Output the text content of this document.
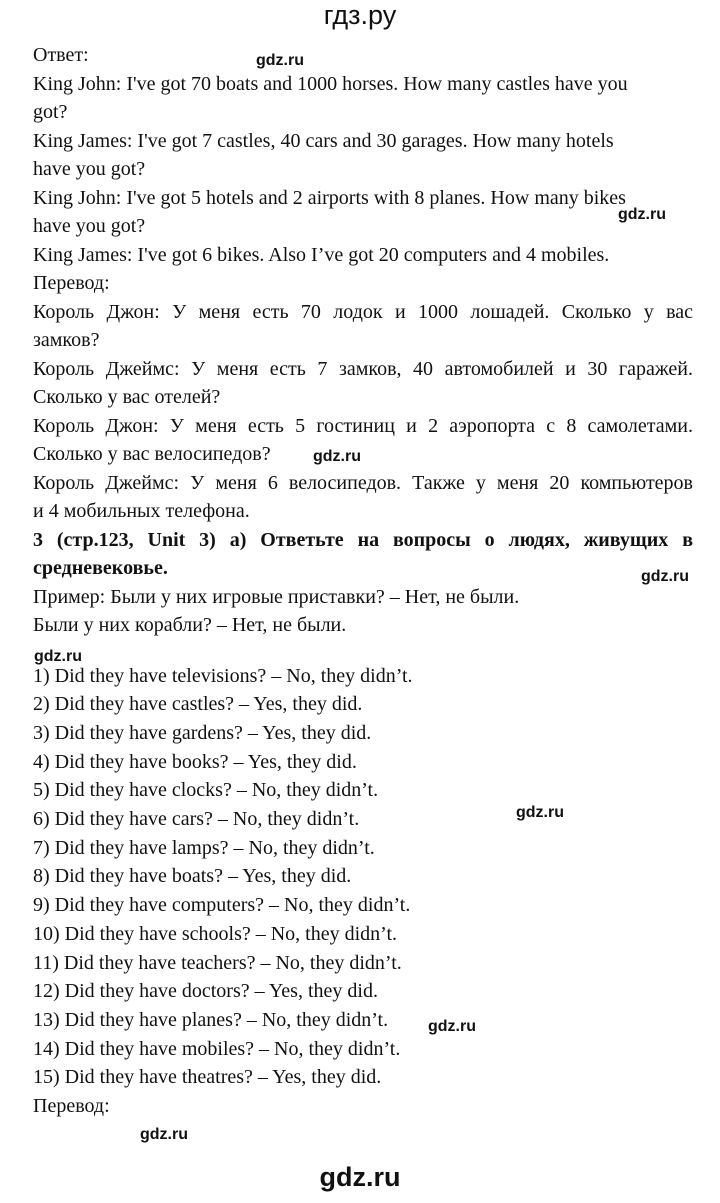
гдз.ру
Ответ:
King John: I've got 70 boats and 1000 horses. How many castles have you
got?
King James: I've got 7 castles, 40 cars and 30 garages. How many hotels
have you got?
King John: I've got 5 hotels and 2 airports with 8 planes. How many bikes
have you got?
King James: I've got 6 bikes. Also I’ve got 20 computers and 4 mobiles.
Перевод:
Король Джон: У меня есть 70 лодок и 1000 лошадей. Сколько у вас
замков?
Король Джеймс: У меня есть 7 замков, 40 автомобилей и 30 гаражей.
Сколько у вас отелей?
Король Джон: У меня есть 5 гостиниц и 2 аэропорта с 8 самолетами.
Сколько у вас велосипедов?
Король Джеймс: У меня 6 велосипедов. Также у меня 20 компьютеров
и 4 мобильных телефона.
3 (стр.123, Unit 3) a) Ответьте на вопросы о людях, живущих в
средневековье.
Пример: Были у них игровые приставки? – Нет, не были.
Были у них корабли? – Нет, не были.
1) Did they have televisions? – No, they didn’t.
2) Did they have castles? – Yes, they did.
3) Did they have gardens? – Yes, they did.
4) Did they have books? – Yes, they did.
5) Did they have clocks? – No, they didn’t.
6) Did they have cars? – No, they didn’t.
7) Did they have lamps? – No, they didn’t.
8) Did they have boats? – Yes, they did.
9) Did they have computers? – No, they didn’t.
10) Did they have schools? – No, they didn’t.
11) Did they have teachers? – No, they didn’t.
12) Did they have doctors? – Yes, they did.
13) Did they have planes? – No, they didn’t.
14) Did they have mobiles? – No, they didn’t.
15) Did they have theatres? – Yes, they did.
Перевод:
gdz.ru
gdz.ru
gdz.ru
gdz.ru
gdz.ru
gdz.ru
gdz.ru
gdz.ru
gdz.ru
